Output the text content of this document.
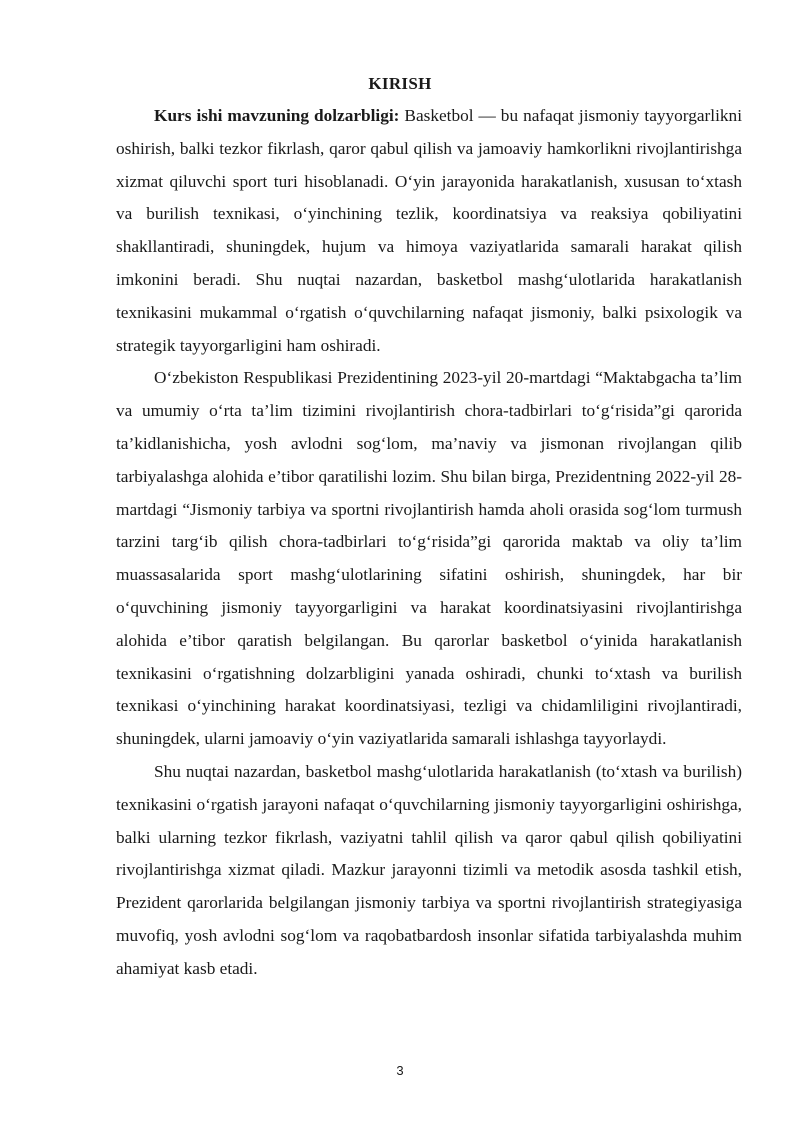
KIRISH

Kurs ishi mavzuning dolzarbligi: Basketbol — bu nafaqat jismoniy tayyorgarlikni oshirish, balki tezkor fikrlash, qaror qabul qilish va jamoaviy hamkorlikni rivojlantirishga xizmat qiluvchi sport turi hisoblanadi. O‘yin jarayonida harakatlanish, xususan to‘xtash va burilish texnikasi, o‘yinchining tezlik, koordinatsiya va reaksiya qobiliyatini shakllantiradi, shuningdek, hujum va himoya vaziyatlarida samarali harakat qilish imkonini beradi. Shu nuqtai nazardan, basketbol mashg‘ulotlarida harakatlanish texnikasini mukammal o‘rgatish o‘quvchilarning nafaqat jismoniy, balki psixologik va strategik tayyorgarligini ham oshiradi.

O‘zbekiston Respublikasi Prezidentining 2023-yil 20-martdagi “Maktabgacha ta’lim va umumiy o‘rta ta’lim tizimini rivojlantirish chora-tadbirlari to‘g‘risida”gi qarorida ta’kidlanishicha, yosh avlodni sog‘lom, ma’naviy va jismonan rivojlangan qilib tarbiyalashga alohida e’tibor qaratilishi lozim. Shu bilan birga, Prezidentning 2022-yil 28-martdagi “Jismoniy tarbiya va sportni rivojlantirish hamda aholi orasida sog‘lom turmush tarzini targ‘ib qilish chora-tadbirlari to‘g‘risida”gi qarorida maktab va oliy ta’lim muassasalarida sport mashg‘ulotlarining sifatini oshirish, shuningdek, har bir o‘quvchining jismoniy tayyorgarligini va harakat koordinatsiyasini rivojlantirishga alohida e’tibor qaratish belgilangan. Bu qarorlar basketbol o‘yinida harakatlanish texnikasini o‘rgatishning dolzarbligini yanada oshiradi, chunki to‘xtash va burilish texnikasi o‘yinchining harakat koordinatsiyasi, tezligi va chidamliligini rivojlantiradi, shuningdek, ularni jamoaviy o‘yin vaziyatlarida samarali ishlashga tayyorlaydi.

Shu nuqtai nazardan, basketbol mashg‘ulotlarida harakatlanish (to‘xtash va burilish) texnikasini o‘rgatish jarayoni nafaqat o‘quvchilarning jismoniy tayyorgarligini oshirishga, balki ularning tezkor fikrlash, vaziyatni tahlil qilish va qaror qabul qilish qobiliyatini rivojlantirishga xizmat qiladi. Mazkur jarayonni tizimli va metodik asosda tashkil etish, Prezident qarorlarida belgilangan jismoniy tarbiya va sportni rivojlantirish strategiyasiga muvofiq, yosh avlodni sog‘lom va raqobatbardosh insonlar sifatida tarbiyalashda muhim ahamiyat kasb etadi.

3
